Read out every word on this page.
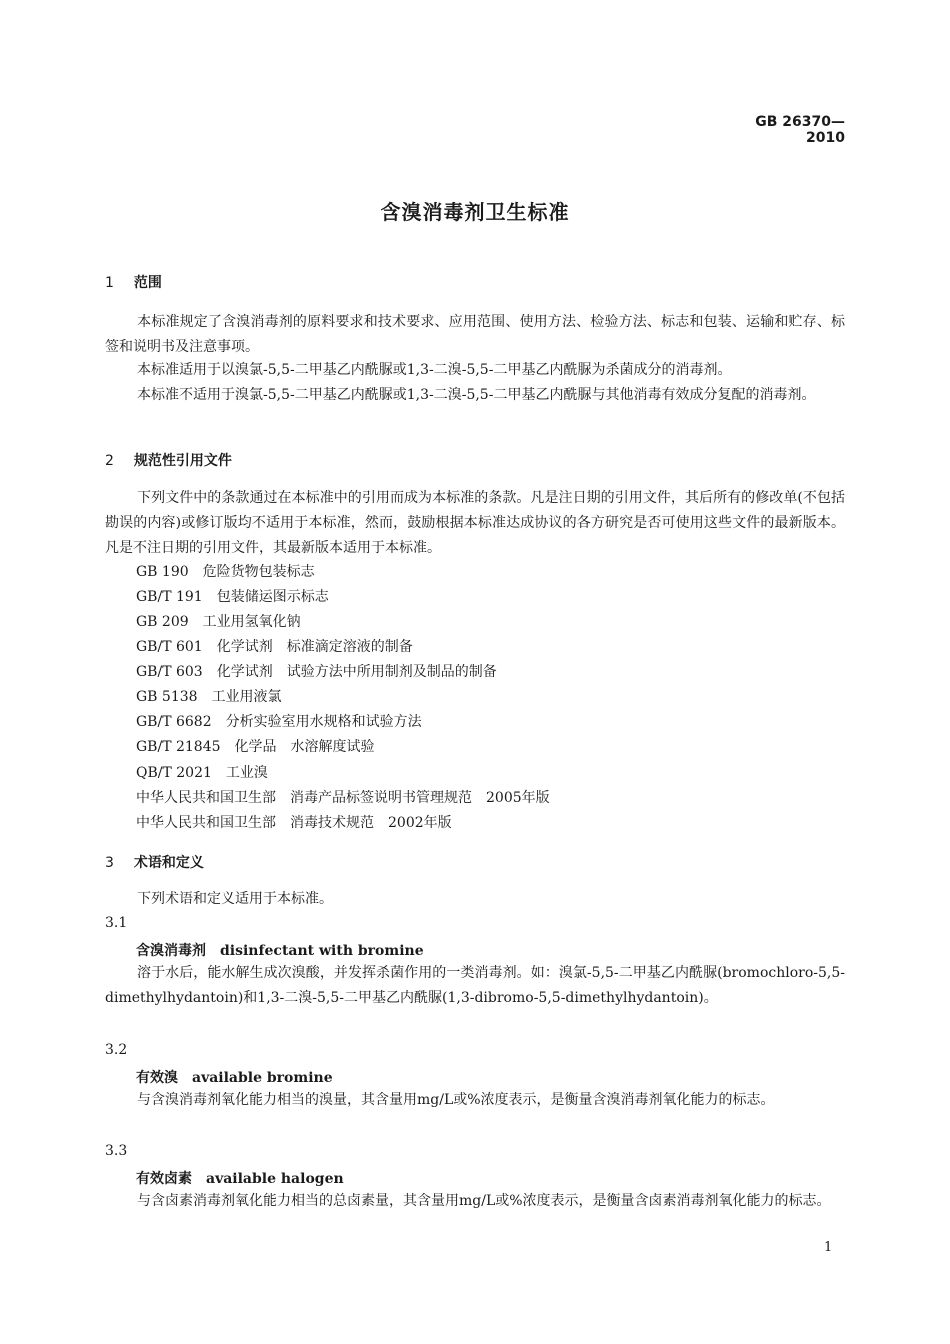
GB 26370—2010
含溴消毒剂卫生标准
1 范围
本标准规定了含溴消毒剂的原料要求和技术要求、应用范围、使用方法、检验方法、标志和包装、运输和贮存、标签和说明书及注意事项。
本标准适用于以溴氯-5,5-二甲基乙内酰脲或1,3-二溴-5,5-二甲基乙内酰脲为杀菌成分的消毒剂。
本标准不适用于溴氯-5,5-二甲基乙内酰脲或1,3-二溴-5,5-二甲基乙内酰脲与其他消毒有效成分复配的消毒剂。
2 规范性引用文件
下列文件中的条款通过在本标准中的引用而成为本标准的条款。凡是注日期的引用文件，其后所有的修改单(不包括勘误的内容)或修订版均不适用于本标准，然而，鼓励根据本标准达成协议的各方研究是否可使用这些文件的最新版本。凡是不注日期的引用文件，其最新版本适用于本标准。
GB 190 危险货物包装标志
GB/T 191 包装储运图示标志
GB 209 工业用氢氧化钠
GB/T 601 化学试剂　标准滴定溶液的制备
GB/T 603 化学试剂　试验方法中所用制剂及制品的制备
GB 5138 工业用液氯
GB/T 6682 分析实验室用水规格和试验方法
GB/T 21845 化学品　水溶解度试验
QB/T 2021 工业溴
中华人民共和国卫生部 消毒产品标签说明书管理规范　2005年版
中华人民共和国卫生部 消毒技术规范　2002年版
3 术语和定义
下列术语和定义适用于本标准。
3.1
含溴消毒剂 disinfectant with bromine
溶于水后，能水解生成次溴酸，并发挥杀菌作用的一类消毒剂。如：溴氯-5,5-二甲基乙内酰脲(bromochloro-5,5-dimethylhydantoin)和1,3-二溴-5,5-二甲基乙内酰脲(1,3-dibromo-5,5-dimethylhydantoin)。
3.2
有效溴 available bromine
与含溴消毒剂氧化能力相当的溴量，其含量用mg/L或%浓度表示，是衡量含溴消毒剂氧化能力的标志。
3.3
有效卤素 available halogen
与含卤素消毒剂氧化能力相当的总卤素量，其含量用mg/L或%浓度表示，是衡量含卤素消毒剂氧化能力的标志。
1
